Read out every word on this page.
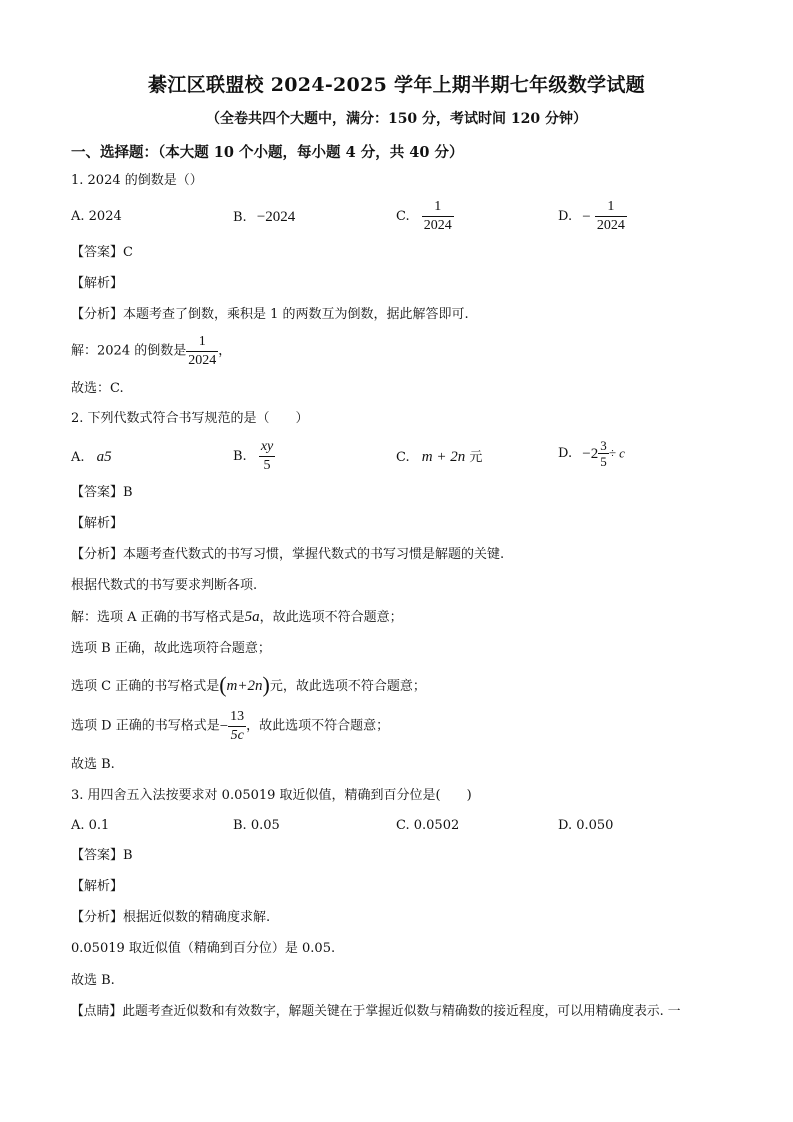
綦江区联盟校 2024-2025 学年上期半期七年级数学试题
（全卷共四个大题中，满分：150 分，考试时间 120 分钟）
一、选择题：（本大题 10 个小题，每小题 4 分，共 40 分）
1. 2024 的倒数是（）
A. 2024	B. −2024	C. $\frac{1}{2024}$	D. − $\frac{1}{2024}$
【答案】C
【解析】
【分析】本题考查了倒数，乘积是 1 的两数互为倒数，据此解答即可.
解：2024 的倒数是 $\frac{1}{2024}$ ，
故选：C.
2. 下列代数式符合书写规范的是（　　）
A. a5	B. $\frac{xy}{5}$	C. m + 2n 元	D. $-2 \frac{3}{5} \div c$
【答案】B
【解析】
【分析】本题考查代数式的书写习惯，掌握代数式的书写习惯是解题的关键.
根据代数式的书写要求判断各项.
解：选项 A 正确的书写格式是5a，故此选项不符合题意；
选项 B 正确，故此选项符合题意；
选项 C 正确的书写格式是(m+2n)元，故此选项不符合题意；
选项 D 正确的书写格式是− $\frac{13}{5c}$ ，故此选项不符合题意；
故选 B.
3. 用四舍五入法按要求对 0.05019 取近似值，精确到百分位是(　　)
A. 0.1	B. 0.05	C. 0.0502	D. 0.050
【答案】B
【解析】
【分析】根据近似数的精确度求解.
0.05019 取近似值（精确到百分位）是 0.05.
故选 B.
【点睛】此题考查近似数和有效数字，解题关键在于掌握近似数与精确数的接近程度，可以用精确度表示. 一
